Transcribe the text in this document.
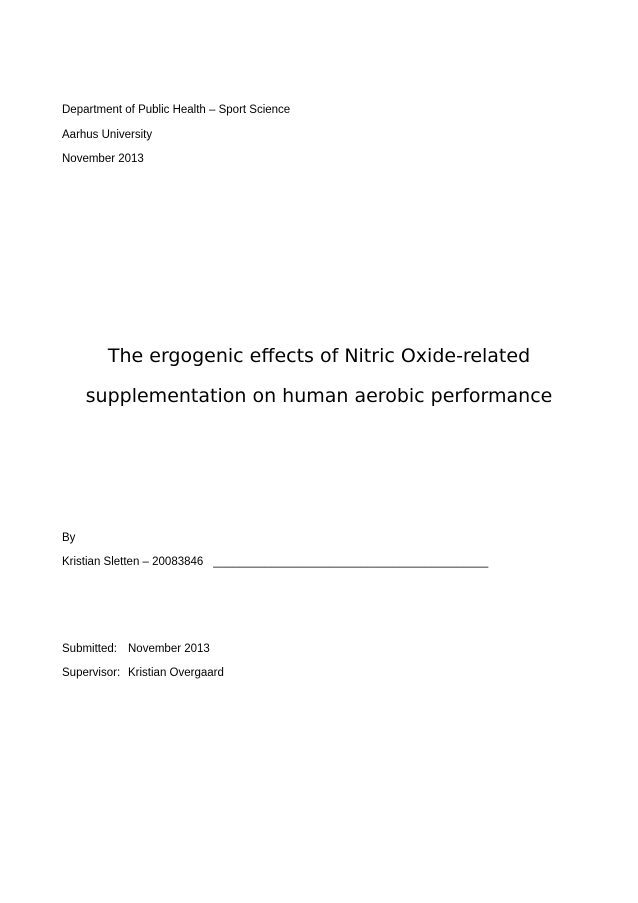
Department of Public Health – Sport Science
Aarhus University
November 2013
The ergogenic effects of Nitric Oxide-related
supplementation on human aerobic performance
By
Kristian Sletten – 20083846 ___________________________________________
Submitted: November 2013
Supervisor: Kristian Overgaard
